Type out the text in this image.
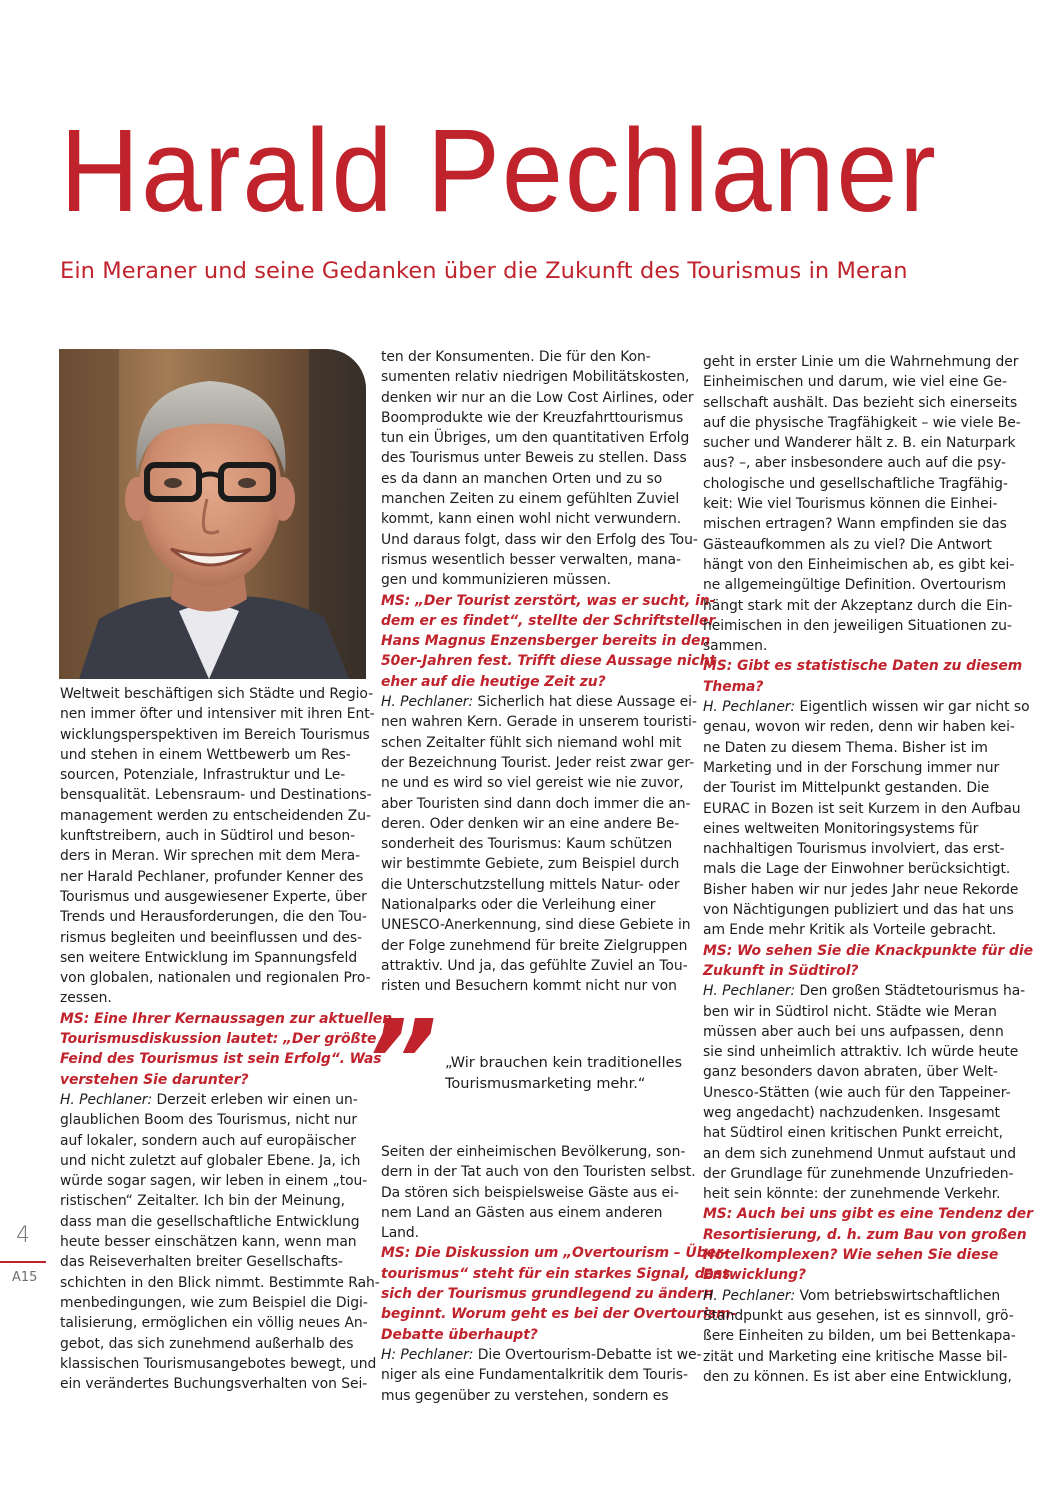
Harald Pechlaner
Ein Meraner und seine Gedanken über die Zukunft des Tourismus in Meran
Weltweit beschäftigen sich Städte und Regio-
nen immer öfter und intensiver mit ihren Ent-
wicklungsperspektiven im Bereich Tourismus
und stehen in einem Wettbewerb um Res-
sourcen, Potenziale, Infrastruktur und Le-
bensqualität. Lebensraum- und Destinations-
management werden zu entscheidenden Zu-
kunftstreibern, auch in Südtirol und beson-
ders in Meran. Wir sprechen mit dem Mera-
ner Harald Pechlaner, profunder Kenner des
Tourismus und ausgewiesener Experte, über
Trends und Herausforderungen, die den Tou-
rismus begleiten und beeinflussen und des-
sen weitere Entwicklung im Spannungsfeld
von globalen, nationalen und regionalen Pro-
zessen.
MS: Eine Ihrer Kernaussagen zur aktuellen
Tourismusdiskussion lautet: „Der größte
Feind des Tourismus ist sein Erfolg“. Was
verstehen Sie darunter?
H. Pechlaner: Derzeit erleben wir einen un-
glaublichen Boom des Tourismus, nicht nur
auf lokaler, sondern auch auf europäischer
und nicht zuletzt auf globaler Ebene. Ja, ich
würde sogar sagen, wir leben in einem „tou-
ristischen“ Zeitalter. Ich bin der Meinung,
dass man die gesellschaftliche Entwicklung
heute besser einschätzen kann, wenn man
das Reiseverhalten breiter Gesellschafts-
schichten in den Blick nimmt. Bestimmte Rah-
menbedingungen, wie zum Beispiel die Digi-
talisierung, ermöglichen ein völlig neues An-
gebot, das sich zunehmend außerhalb des
klassischen Tourismusangebotes bewegt, und
ein verändertes Buchungsverhalten von Sei-
ten der Konsumenten. Die für den Kon-
sumenten relativ niedrigen Mobilitätskosten,
denken wir nur an die Low Cost Airlines, oder
Boomprodukte wie der Kreuzfahrttourismus
tun ein Übriges, um den quantitativen Erfolg
des Tourismus unter Beweis zu stellen. Dass
es da dann an manchen Orten und zu so
manchen Zeiten zu einem gefühlten Zuviel
kommt, kann einen wohl nicht verwundern.
Und daraus folgt, dass wir den Erfolg des Tou-
rismus wesentlich besser verwalten, mana-
gen und kommunizieren müssen.
MS: „Der Tourist zerstört, was er sucht, in-
dem er es findet“, stellte der Schriftsteller
Hans Magnus Enzensberger bereits in den
50er-Jahren fest. Trifft diese Aussage nicht
eher auf die heutige Zeit zu?
H. Pechlaner: Sicherlich hat diese Aussage ei-
nen wahren Kern. Gerade in unserem touristi-
schen Zeitalter fühlt sich niemand wohl mit
der Bezeichnung Tourist. Jeder reist zwar ger-
ne und es wird so viel gereist wie nie zuvor,
aber Touristen sind dann doch immer die an-
deren. Oder denken wir an eine andere Be-
sonderheit des Tourismus: Kaum schützen
wir bestimmte Gebiete, zum Beispiel durch
die Unterschutzstellung mittels Natur- oder
Nationalparks oder die Verleihung einer
UNESCO-Anerkennung, sind diese Gebiete in
der Folge zunehmend für breite Zielgruppen
attraktiv. Und ja, das gefühlte Zuviel an Tou-
risten und Besuchern kommt nicht nur von
” „Wir brauchen kein traditionelles Tourismusmarketing mehr.“
Seiten der einheimischen Bevölkerung, son-
dern in der Tat auch von den Touristen selbst.
Da stören sich beispielsweise Gäste aus ei-
nem Land an Gästen aus einem anderen
Land.
MS: Die Diskussion um „Overtourism – Über-
tourismus“ steht für ein starkes Signal, dass
sich der Tourismus grundlegend zu ändern
beginnt. Worum geht es bei der Overtourism-
Debatte überhaupt?
H: Pechlaner: Die Overtourism-Debatte ist we-
niger als eine Fundamentalkritik dem Touris-
mus gegenüber zu verstehen, sondern es
geht in erster Linie um die Wahrnehmung der
Einheimischen und darum, wie viel eine Ge-
sellschaft aushält. Das bezieht sich einerseits
auf die physische Tragfähigkeit – wie viele Be-
sucher und Wanderer hält z. B. ein Naturpark
aus? –, aber insbesondere auch auf die psy-
chologische und gesellschaftliche Tragfähig-
keit: Wie viel Tourismus können die Einhei-
mischen ertragen? Wann empfinden sie das
Gästeaufkommen als zu viel? Die Antwort
hängt von den Einheimischen ab, es gibt kei-
ne allgemeingültige Definition. Overtourism
hängt stark mit der Akzeptanz durch die Ein-
heimischen in den jeweiligen Situationen zu-
sammen.
MS: Gibt es statistische Daten zu diesem
Thema?
H. Pechlaner: Eigentlich wissen wir gar nicht so
genau, wovon wir reden, denn wir haben kei-
ne Daten zu diesem Thema. Bisher ist im
Marketing und in der Forschung immer nur
der Tourist im Mittelpunkt gestanden. Die
EURAC in Bozen ist seit Kurzem in den Aufbau
eines weltweiten Monitoringsystems für
nachhaltigen Tourismus involviert, das erst-
mals die Lage der Einwohner berücksichtigt.
Bisher haben wir nur jedes Jahr neue Rekorde
von Nächtigungen publiziert und das hat uns
am Ende mehr Kritik als Vorteile gebracht.
MS: Wo sehen Sie die Knackpunkte für die
Zukunft in Südtirol?
H. Pechlaner: Den großen Städtetourismus ha-
ben wir in Südtirol nicht. Städte wie Meran
müssen aber auch bei uns aufpassen, denn
sie sind unheimlich attraktiv. Ich würde heute
ganz besonders davon abraten, über Welt-
Unesco-Stätten (wie auch für den Tappeiner-
weg angedacht) nachzudenken. Insgesamt
hat Südtirol einen kritischen Punkt erreicht,
an dem sich zunehmend Unmut aufstaut und
der Grundlage für zunehmende Unzufrieden-
heit sein könnte: der zunehmende Verkehr.
MS: Auch bei uns gibt es eine Tendenz der
Resortisierung, d. h. zum Bau von großen
Hotelkomplexen? Wie sehen Sie diese
Entwicklung?
H. Pechlaner: Vom betriebswirtschaftlichen
Standpunkt aus gesehen, ist es sinnvoll, grö-
ßere Einheiten zu bilden, um bei Bettenkapa-
zität und Marketing eine kritische Masse bil-
den zu können. Es ist aber eine Entwicklung,
4
A15
